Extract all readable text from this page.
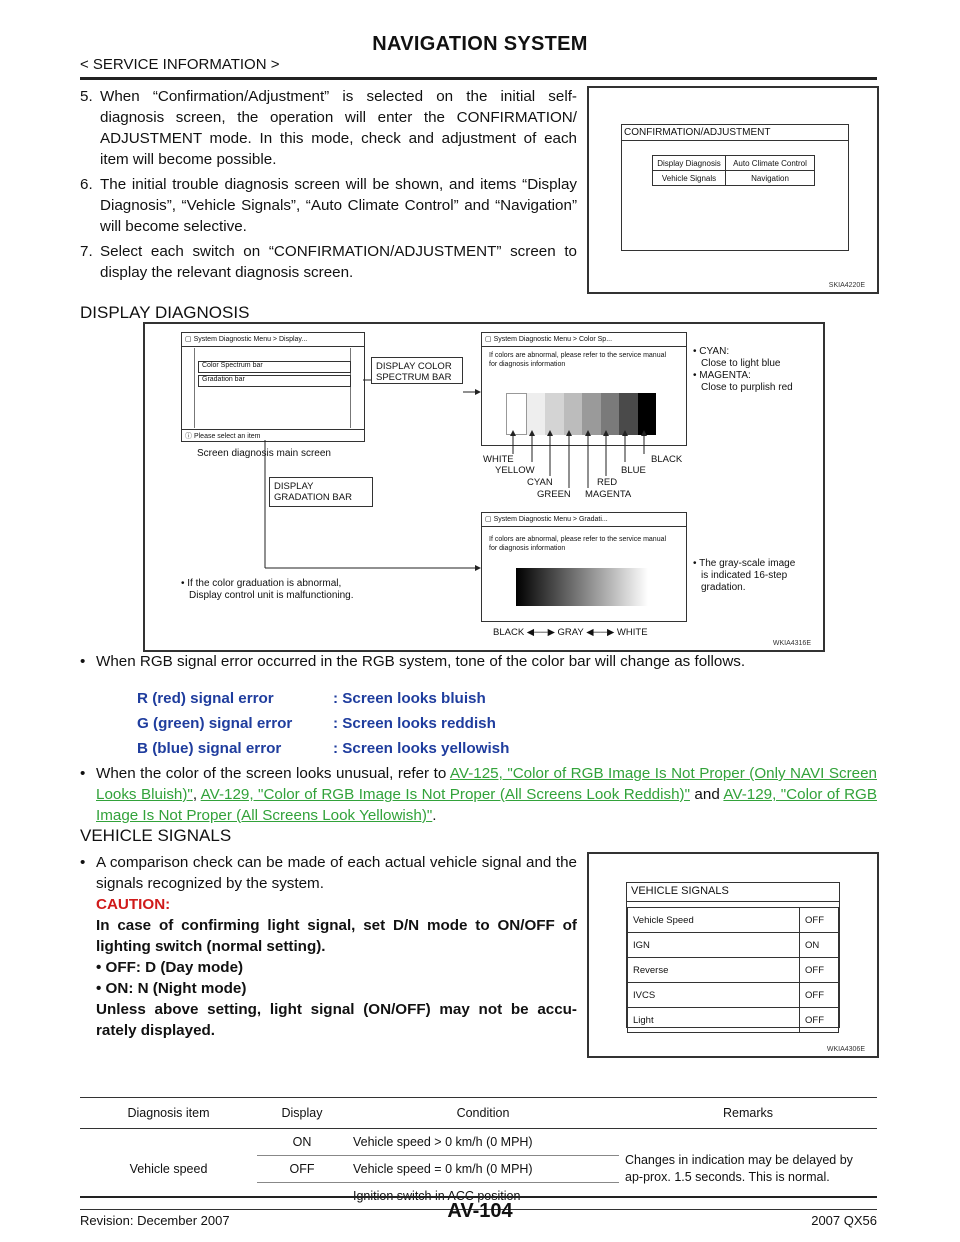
NAVIGATION SYSTEM
< SERVICE INFORMATION >

5. When “Confirmation/Adjustment” is selected on the initial self-diagnosis screen, the operation will enter the CONFIRMATION/ ADJUSTMENT mode. In this mode, check and adjustment of each item will become possible.

6. The initial trouble diagnosis screen will be shown, and items “Display Diagnosis”, “Vehicle Signals”, “Auto Climate Control” and “Navigation” will become selective.

7. Select each switch on “CONFIRMATION/ADJUSTMENT” screen to display the relevant diagnosis screen.

CONFIRMATION/ADJUSTMENT
Display Diagnosis	Auto Climate Control
Vehicle Signals	Navigation
SKIA4220E
DISPLAY DIAGNOSIS
▢ System Diagnostic Menu > Display...
Color Spectrum bar
Gradation bar
ⓘ Please select an item
Screen diagnosis main screen
DISPLAY COLOR SPECTRUM BAR
DISPLAY GRADATION BAR
▢ System Diagnostic Menu > Color Sp...
If colors are abnormal, please refer to the service manual for diagnosis information
WHITE
YELLOW
CYAN
GREEN
RED
MAGENTA
BLUE
BLACK
• CYAN:
Close to light blue
• MAGENTA:
Close to purplish red
▢ System Diagnostic Menu > Gradati...
If colors are abnormal, please refer to the service manual for diagnosis information
BLACK ◀──▶ GRAY ◀──▶ WHITE
• The gray-scale image
is indicated 16-step
gradation.
• If the color graduation is abnormal,
Display control unit is malfunctioning.
WKIA4316E

• When RGB signal error occurred in the RGB system, tone of the color bar will change as follows.

R (red) signal error	: Screen looks bluish
G (green) signal error	: Screen looks reddish
B (blue) signal error	: Screen looks yellowish

• When the color of the screen looks unusual, refer to AV-125, "Color of RGB Image Is Not Proper (Only NAVI Screen Looks Bluish)", AV-129, "Color of RGB Image Is Not Proper (All Screens Look Reddish)" and AV-129, "Color of RGB Image Is Not Proper (All Screens Look Yellowish)".

VEHICLE SIGNALS

• A comparison check can be made of each actual vehicle signal and the signals recognized by the system.

CAUTION:
In case of confirming light signal, set D/N mode to ON/OFF of lighting switch (normal setting).
• OFF: D (Day mode)
• ON: N (Night mode)
Unless above setting, light signal (ON/OFF) may not be accu-rately displayed.
VEHICLE SIGNALS
Vehicle Speed	OFF
IGN	ON
Reverse	OFF
IVCS	OFF
Light	OFF
WKIA4306E
Diagnosis item	Display	Condition	Remarks
Vehicle speed	ON	Vehicle speed > 0 km/h (0 MPH)	Changes in indication may be delayed by ap-prox. 1.5 seconds. This is normal.
	OFF	Vehicle speed = 0 km/h (0 MPH)	

AV-104
Revision: December 2007	2007 QX56
